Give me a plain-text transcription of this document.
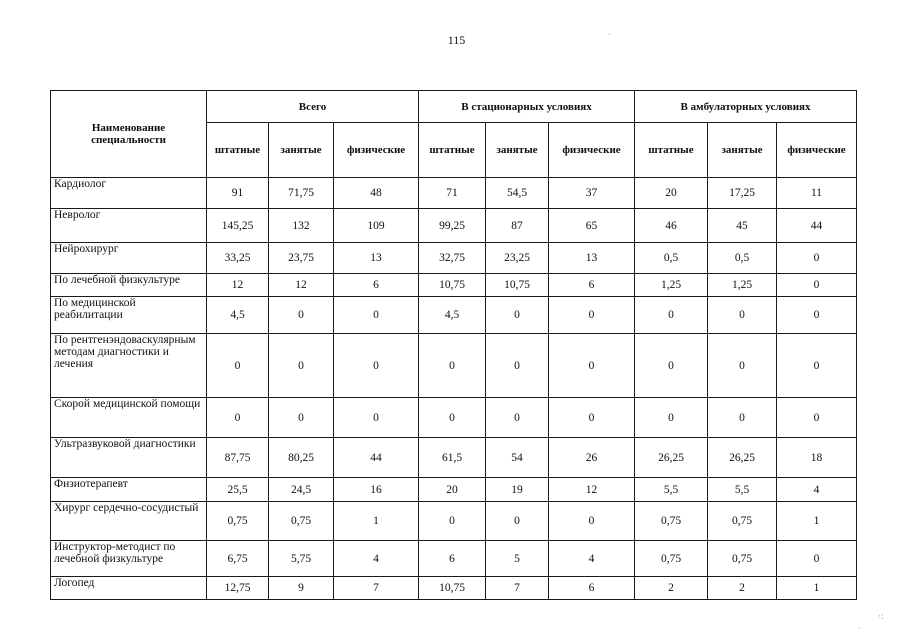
115
Наименование специальности	Всего			В стационарных условиях			В амбулаторных условиях		
	штатные	занятые	физические	штатные	занятые	физические	штатные	занятые	физические
Кардиолог	91	71,75	48	71	54,5	37	20	17,25	11
Невролог	145,25	132	109	99,25	87	65	46	45	44
Нейрохирург	33,25	23,75	13	32,75	23,25	13	0,5	0,5	0
По лечебной физкультуре	12	12	6	10,75	10,75	6	1,25	1,25	0
По медицинской реабилитации	4,5	0	0	4,5	0	0	0	0	0
По рентгенэндоваскулярным методам диагностики и лечения	0	0	0	0	0	0	0	0	0
Скорой медицинской помощи	0	0	0	0	0	0	0	0	0
Ультразвуковой диагностики	87,75	80,25	44	61,5	54	26	26,25	26,25	18
Физиотерапевт	25,5	24,5	16	20	19	12	5,5	5,5	4
Хирург сердечно-сосудистый	0,75	0,75	1	0	0	0	0,75	0,75	1
Инструктор-методист по лечебной физкультуре	6,75	5,75	4	6	5	4	0,75	0,75	0
Логопед	12,75	9	7	10,75	7	6	2	2	1
·
·:
·
